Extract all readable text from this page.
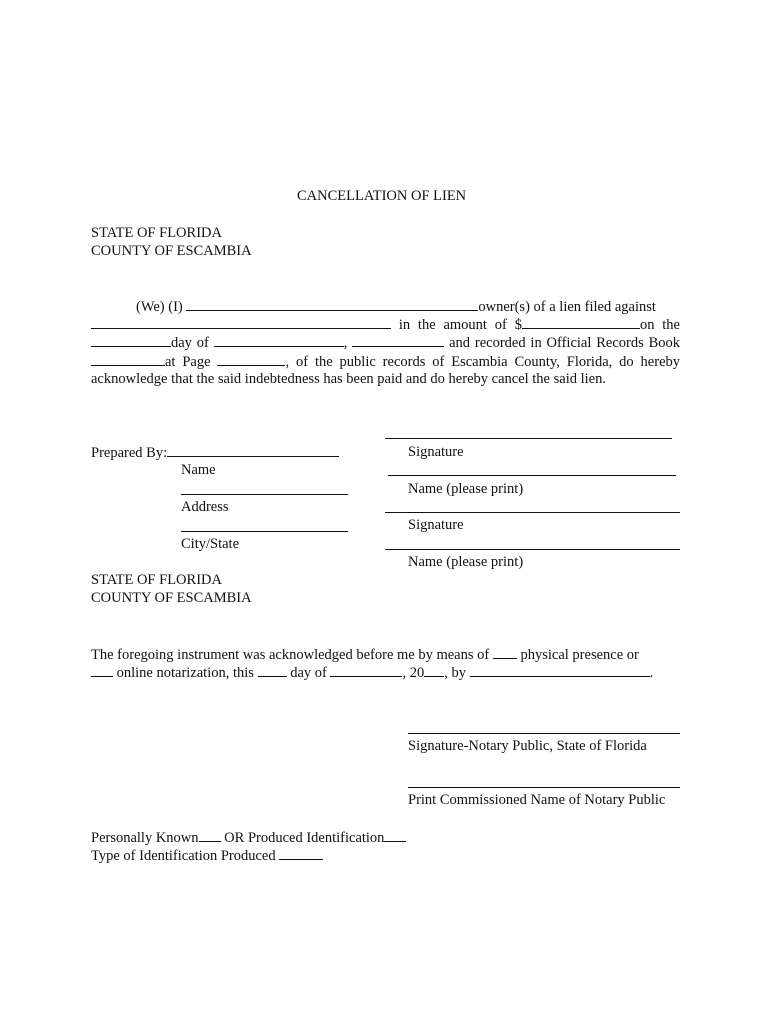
CANCELLATION OF LIEN
STATE OF FLORIDA
COUNTY OF ESCAMBIA
(We) (I)	owner(s) of a lien filed against
in the amount of $	on the
day of	,	and recorded in Official Records Book
at Page	, of the public records of Escambia County, Florida, do hereby
acknowledge that the said indebtedness has been paid and do hereby cancel the said lien.
Prepared By:
Name
Address
City/State
Signature
Name (please print)
Signature
Name (please print)
STATE OF FLORIDA
COUNTY OF ESCAMBIA
The foregoing instrument was acknowledged before me by means of physical presence or
online notarization, this	day of	, 20 , by	.
Signature-Notary Public, State of Florida
Print Commissioned Name of Notary Public
Personally Known OR Produced Identification
Type of Identification Produced
